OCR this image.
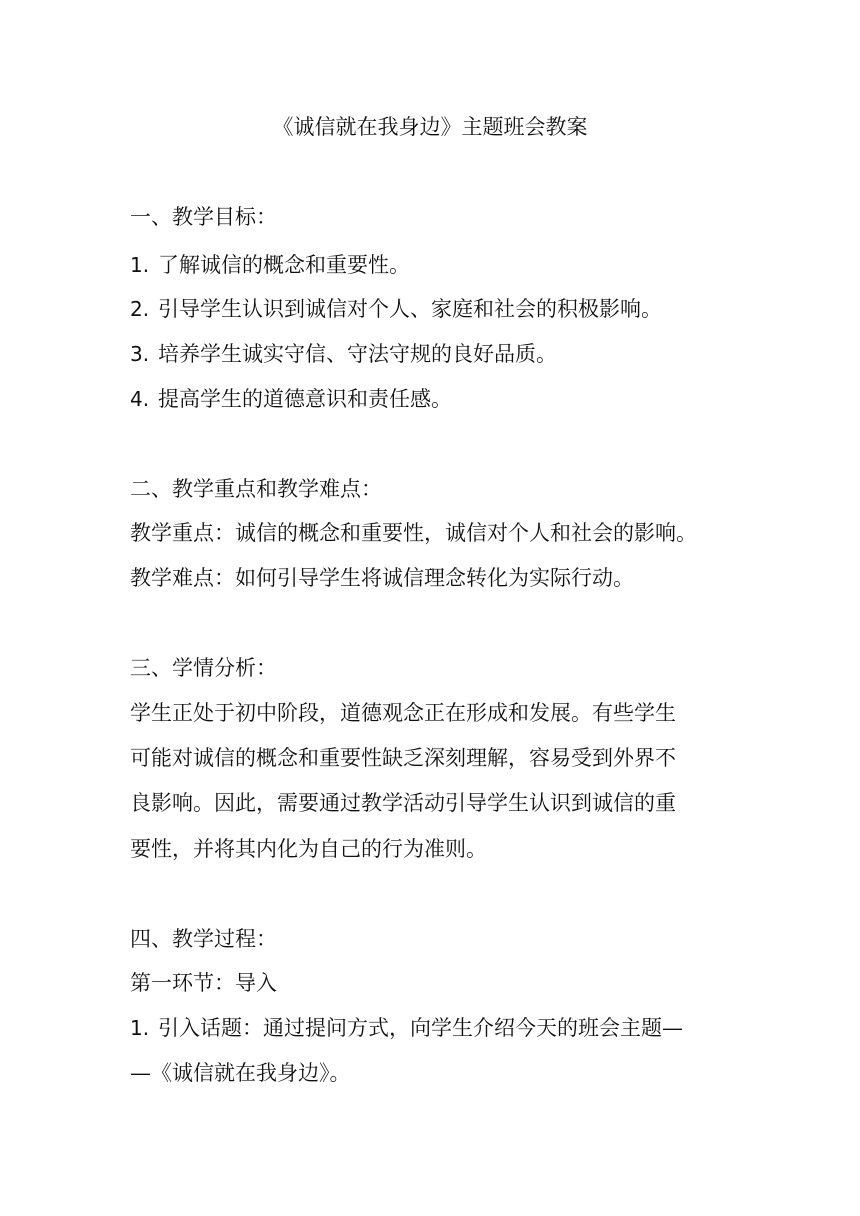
《诚信就在我身边》主题班会教案
一、教学目标：
1. 了解诚信的概念和重要性。
2. 引导学生认识到诚信对个人、家庭和社会的积极影响。
3. 培养学生诚实守信、守法守规的良好品质。
4. 提高学生的道德意识和责任感。
二、教学重点和教学难点：
教学重点：诚信的概念和重要性，诚信对个人和社会的影响。
教学难点：如何引导学生将诚信理念转化为实际行动。
三、学情分析：
学生正处于初中阶段，道德观念正在形成和发展。有些学生
可能对诚信的概念和重要性缺乏深刻理解，容易受到外界不
良影响。因此，需要通过教学活动引导学生认识到诚信的重
要性，并将其内化为自己的行为准则。
四、教学过程：
第一环节：导入
1. 引入话题：通过提问方式，向学生介绍今天的班会主题—
—《诚信就在我身边》。
